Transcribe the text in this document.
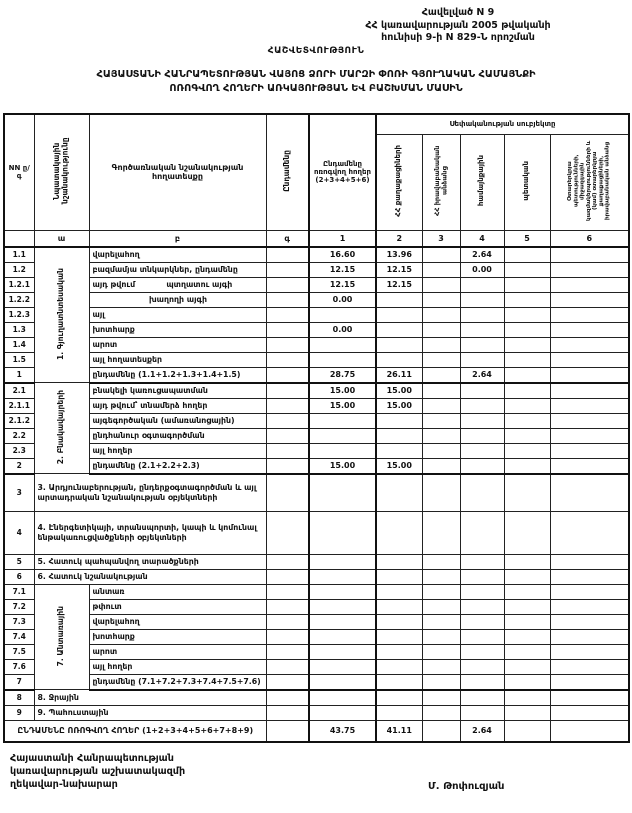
Հավելված N 9
ՀՀ կառավարության 2005 թվականի
հունիսի 9-ի N 829-Ն որոշման
ՀԱՇՎԵՏՎՈՒԹՅՈՒՆ
ՀԱՅԱՍՏԱՆԻ ՀԱՆՐԱՊԵՏՈՒԹՅԱՆ ՎԱՅՈՑ ՁՈՐԻ ՄԱՐԶԻ ՓՈՌԻ ԳՅՈՒՂԱԿԱՆ ՀԱՄԱՅՆՔԻ
ՈՌՈԳՎՈՂ ՀՈՂԵՐԻ ԱՌԿԱՅՈՒԹՅԱՆ ԵՎ ԲԱՇԽՄԱՆ ՄԱՍԻՆ
NN ը/գ	Նպատակային նշանակությունը	Գործառնական նշանակության հողատեսքը	Ընդամենը	Ընդամենը ոռոգվող հողեր (2+3+4+5+6)	Սեփականության սուբյեկտը				
					ՀՀ քաղաքացիների	ՀՀ իրավաբանական անձանց	համայնքային	պետական	Օտարերկրյա պետությունների, միջազգային կազմակերպությունների և (կամ) օտարերկրյա քաղաքացիների, իրավաբանական անձանց
	ա	բ	գ	1	2	3	4	5	6
1.1	1. Գյուղատնտեսական	վարելահող		16.60	13.96		2.64		
1.2		բազմամյա տնկարկներ, ընդամենը		12.15	12.15		0.00		
1.2.1		այդ թվում պտղատու այգի		12.15	12.15				
1.2.2		խաղողի այգի		0.00					
1.2.3		այլ							
1.3		խոտհարք		0.00					
1.4		արոտ							
1.5		այլ հողատեսքեր							
1		ընդամենը (1.1+1.2+1.3+1.4+1.5)		28.75	26.11		2.64		
2.1	2. Բնակավայրերի	բնակելի կառուցապատման		15.00	15.00				
2.1.1		այդ թվում՝ տնամերձ հողեր		15.00	15.00				
2.1.2		այգեգործական (ամառանոցային)							
2.2		ընդհանուր օգտագործման							
2.3		այլ հողեր							
2		ընդամենը (2.1+2.2+2.3)		15.00	15.00				
3	3. Արդյունաբերության, ընդերքօգտագործման և այլ արտադրական նշանակության օբյեկտների								
4	4. Էներգետիկայի, տրանսպորտի, կապի և կոմունալ ենթակառուցվածքների օբյեկտների								
5	5. Հատուկ պահպանվող տարածքների								
6	6. Հատուկ նշանակության								
7.1	7. Անտառային	անտառ							
7.2		թփուտ							
7.3		վարելահող							
7.4		խոտհարք							
7.5		արոտ							
7.6		այլ հողեր							
7		ընդամենը (7.1+7.2+7.3+7.4+7.5+7.6)							
8	8. Ջրային								
9	9. Պահուստային								
ԸՆԴԱՄԵՆԸ ՈՌՈԳՎՈՂ ՀՈՂԵՐ (1+2+3+4+5+6+7+8+9)				43.75	41.11		2.64		
Հայաստանի Հանրապետության
կառավարության աշխատակազմի
ղեկավար-նախարար	Մ. Թոփուզյան
